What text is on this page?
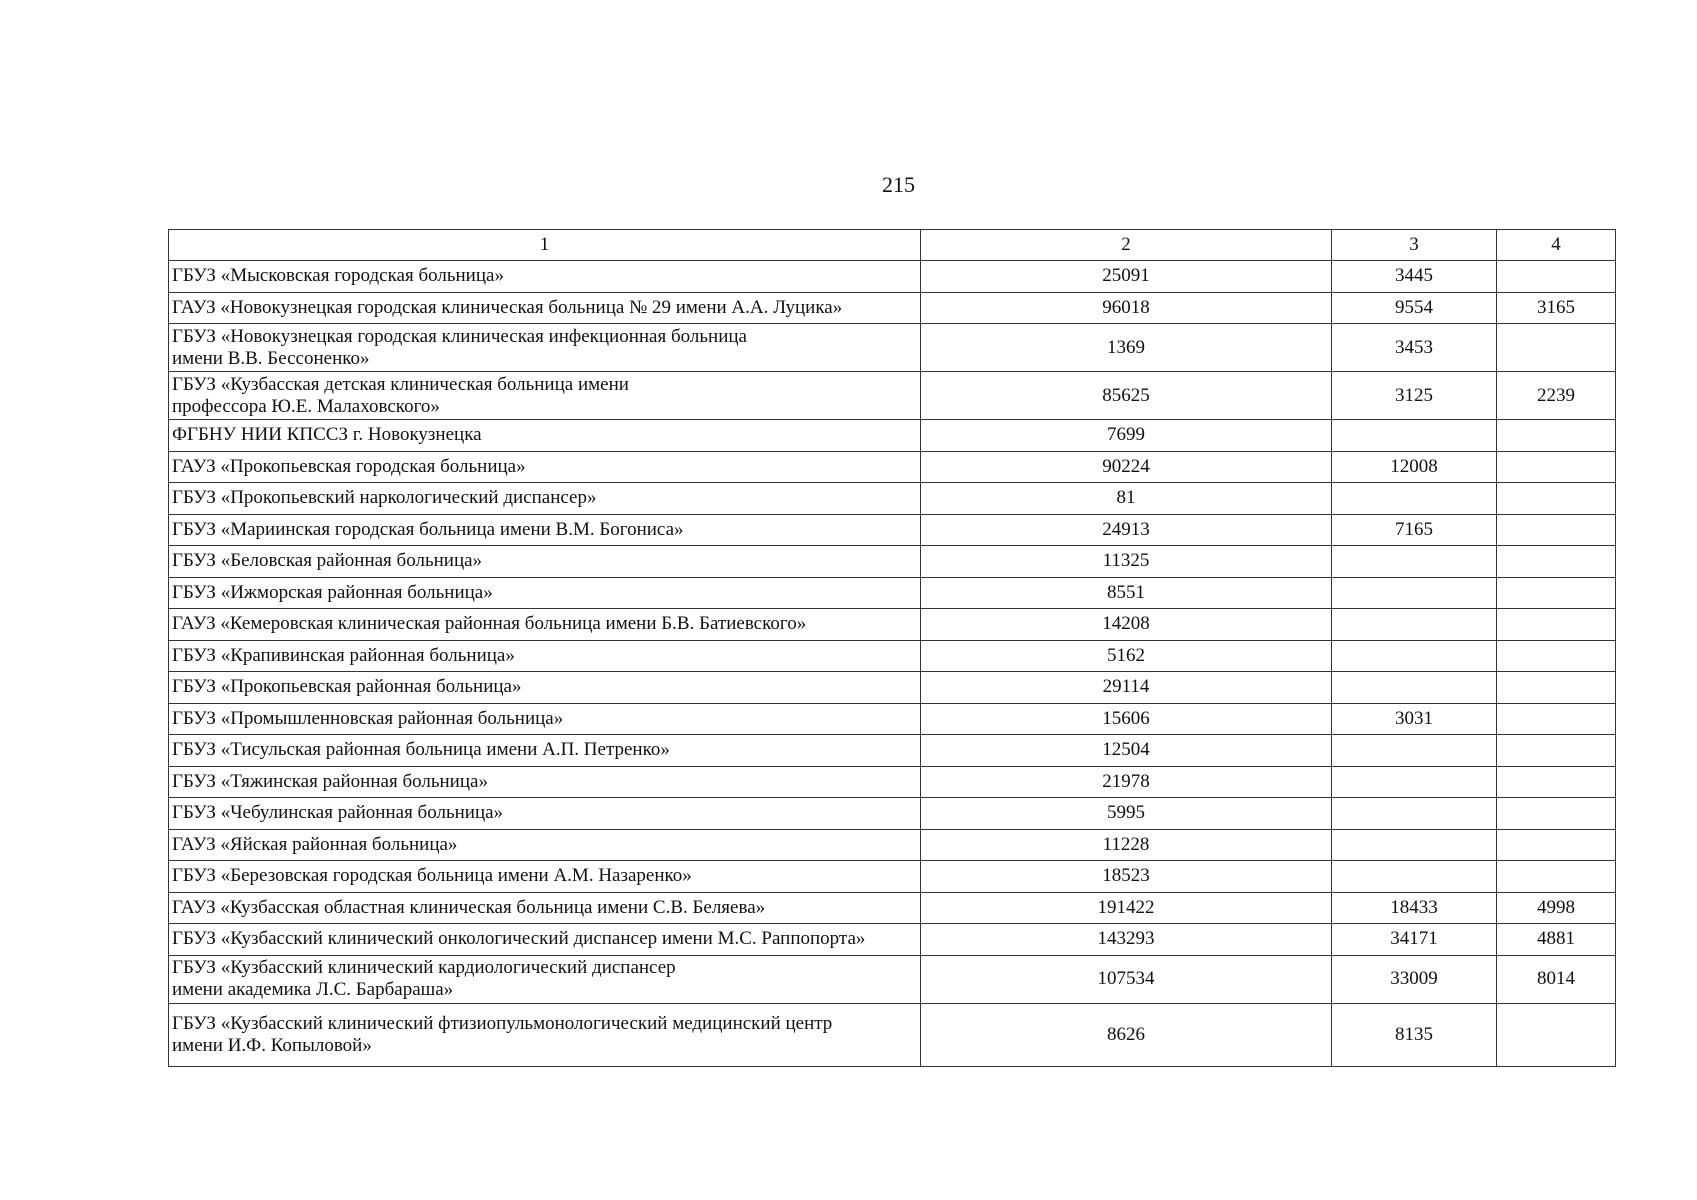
215
1	2	3	4

ГБУЗ «Мысковская городская больница»	25091	3445	

ГАУЗ «Новокузнецкая городская клиническая больница № 29 имени А.А. Луцика»	96018	9554	3165

ГБУЗ «Новокузнецкая городская клиническая инфекционная больница
имени В.В. Бессоненко»	1369	3453	

ГБУЗ «Кузбасская детская клиническая больница имени
профессора Ю.Е. Малаховского»	85625	3125	2239

ФГБНУ НИИ КПССЗ г. Новокузнецка	7699		

ГАУЗ «Прокопьевская городская больница»	90224	12008	

ГБУЗ «Прокопьевский наркологический диспансер»	81		

ГБУЗ «Мариинская городская больница имени В.М. Богониса»	24913	7165	

ГБУЗ «Беловская районная больница»	11325		

ГБУЗ «Ижморская районная больница»	8551		

ГАУЗ «Кемеровская клиническая районная больница имени Б.В. Батиевского»	14208		

ГБУЗ «Крапивинская районная больница»	5162		

ГБУЗ «Прокопьевская районная больница»	29114		

ГБУЗ «Промышленновская районная больница»	15606	3031	

ГБУЗ «Тисульская районная больница имени А.П. Петренко»	12504		

ГБУЗ «Тяжинская районная больница»	21978		

ГБУЗ «Чебулинская районная больница»	5995		

ГАУЗ «Яйская районная больница»	11228		

ГБУЗ «Березовская городская больница имени А.М. Назаренко»	18523		

ГАУЗ «Кузбасская областная клиническая больница имени С.В. Беляева»	191422	18433	4998

ГБУЗ «Кузбасский клинический онкологический диспансер имени М.С. Раппопорта»	143293	34171	4881

ГБУЗ «Кузбасский клинический кардиологический диспансер
имени академика Л.С. Барбараша»	107534	33009	8014

ГБУЗ «Кузбасский клинический фтизиопульмонологический медицинский центр
имени И.Ф. Копыловой»	8626	8135	
